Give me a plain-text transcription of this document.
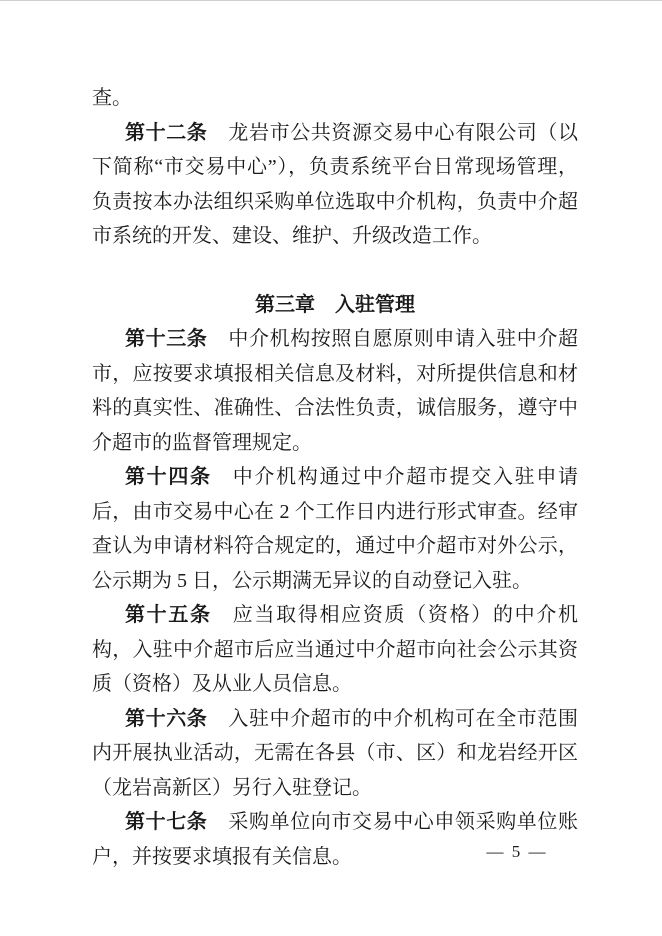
查。

第十二条 龙岩市公共资源交易中心有限公司（以下简称“市交易中心”），负责系统平台日常现场管理，负责按本办法组织采购单位选取中介机构，负责中介超市系统的开发、建设、维护、升级改造工作。

第三章　入驻管理

第十三条 中介机构按照自愿原则申请入驻中介超市，应按要求填报相关信息及材料，对所提供信息和材料的真实性、准确性、合法性负责，诚信服务，遵守中介超市的监督管理规定。

第十四条 中介机构通过中介超市提交入驻申请后，由市交易中心在 2 个工作日内进行形式审查。经审查认为申请材料符合规定的，通过中介超市对外公示，公示期为 5 日，公示期满无异议的自动登记入驻。

第十五条 应当取得相应资质（资格）的中介机构，入驻中介超市后应当通过中介超市向社会公示其资质（资格）及从业人员信息。

第十六条 入驻中介超市的中介机构可在全市范围内开展执业活动，无需在各县（市、区）和龙岩经开区（龙岩高新区）另行入驻登记。

第十七条 采购单位向市交易中心申领采购单位账户，并按要求填报有关信息。	— 5 —
